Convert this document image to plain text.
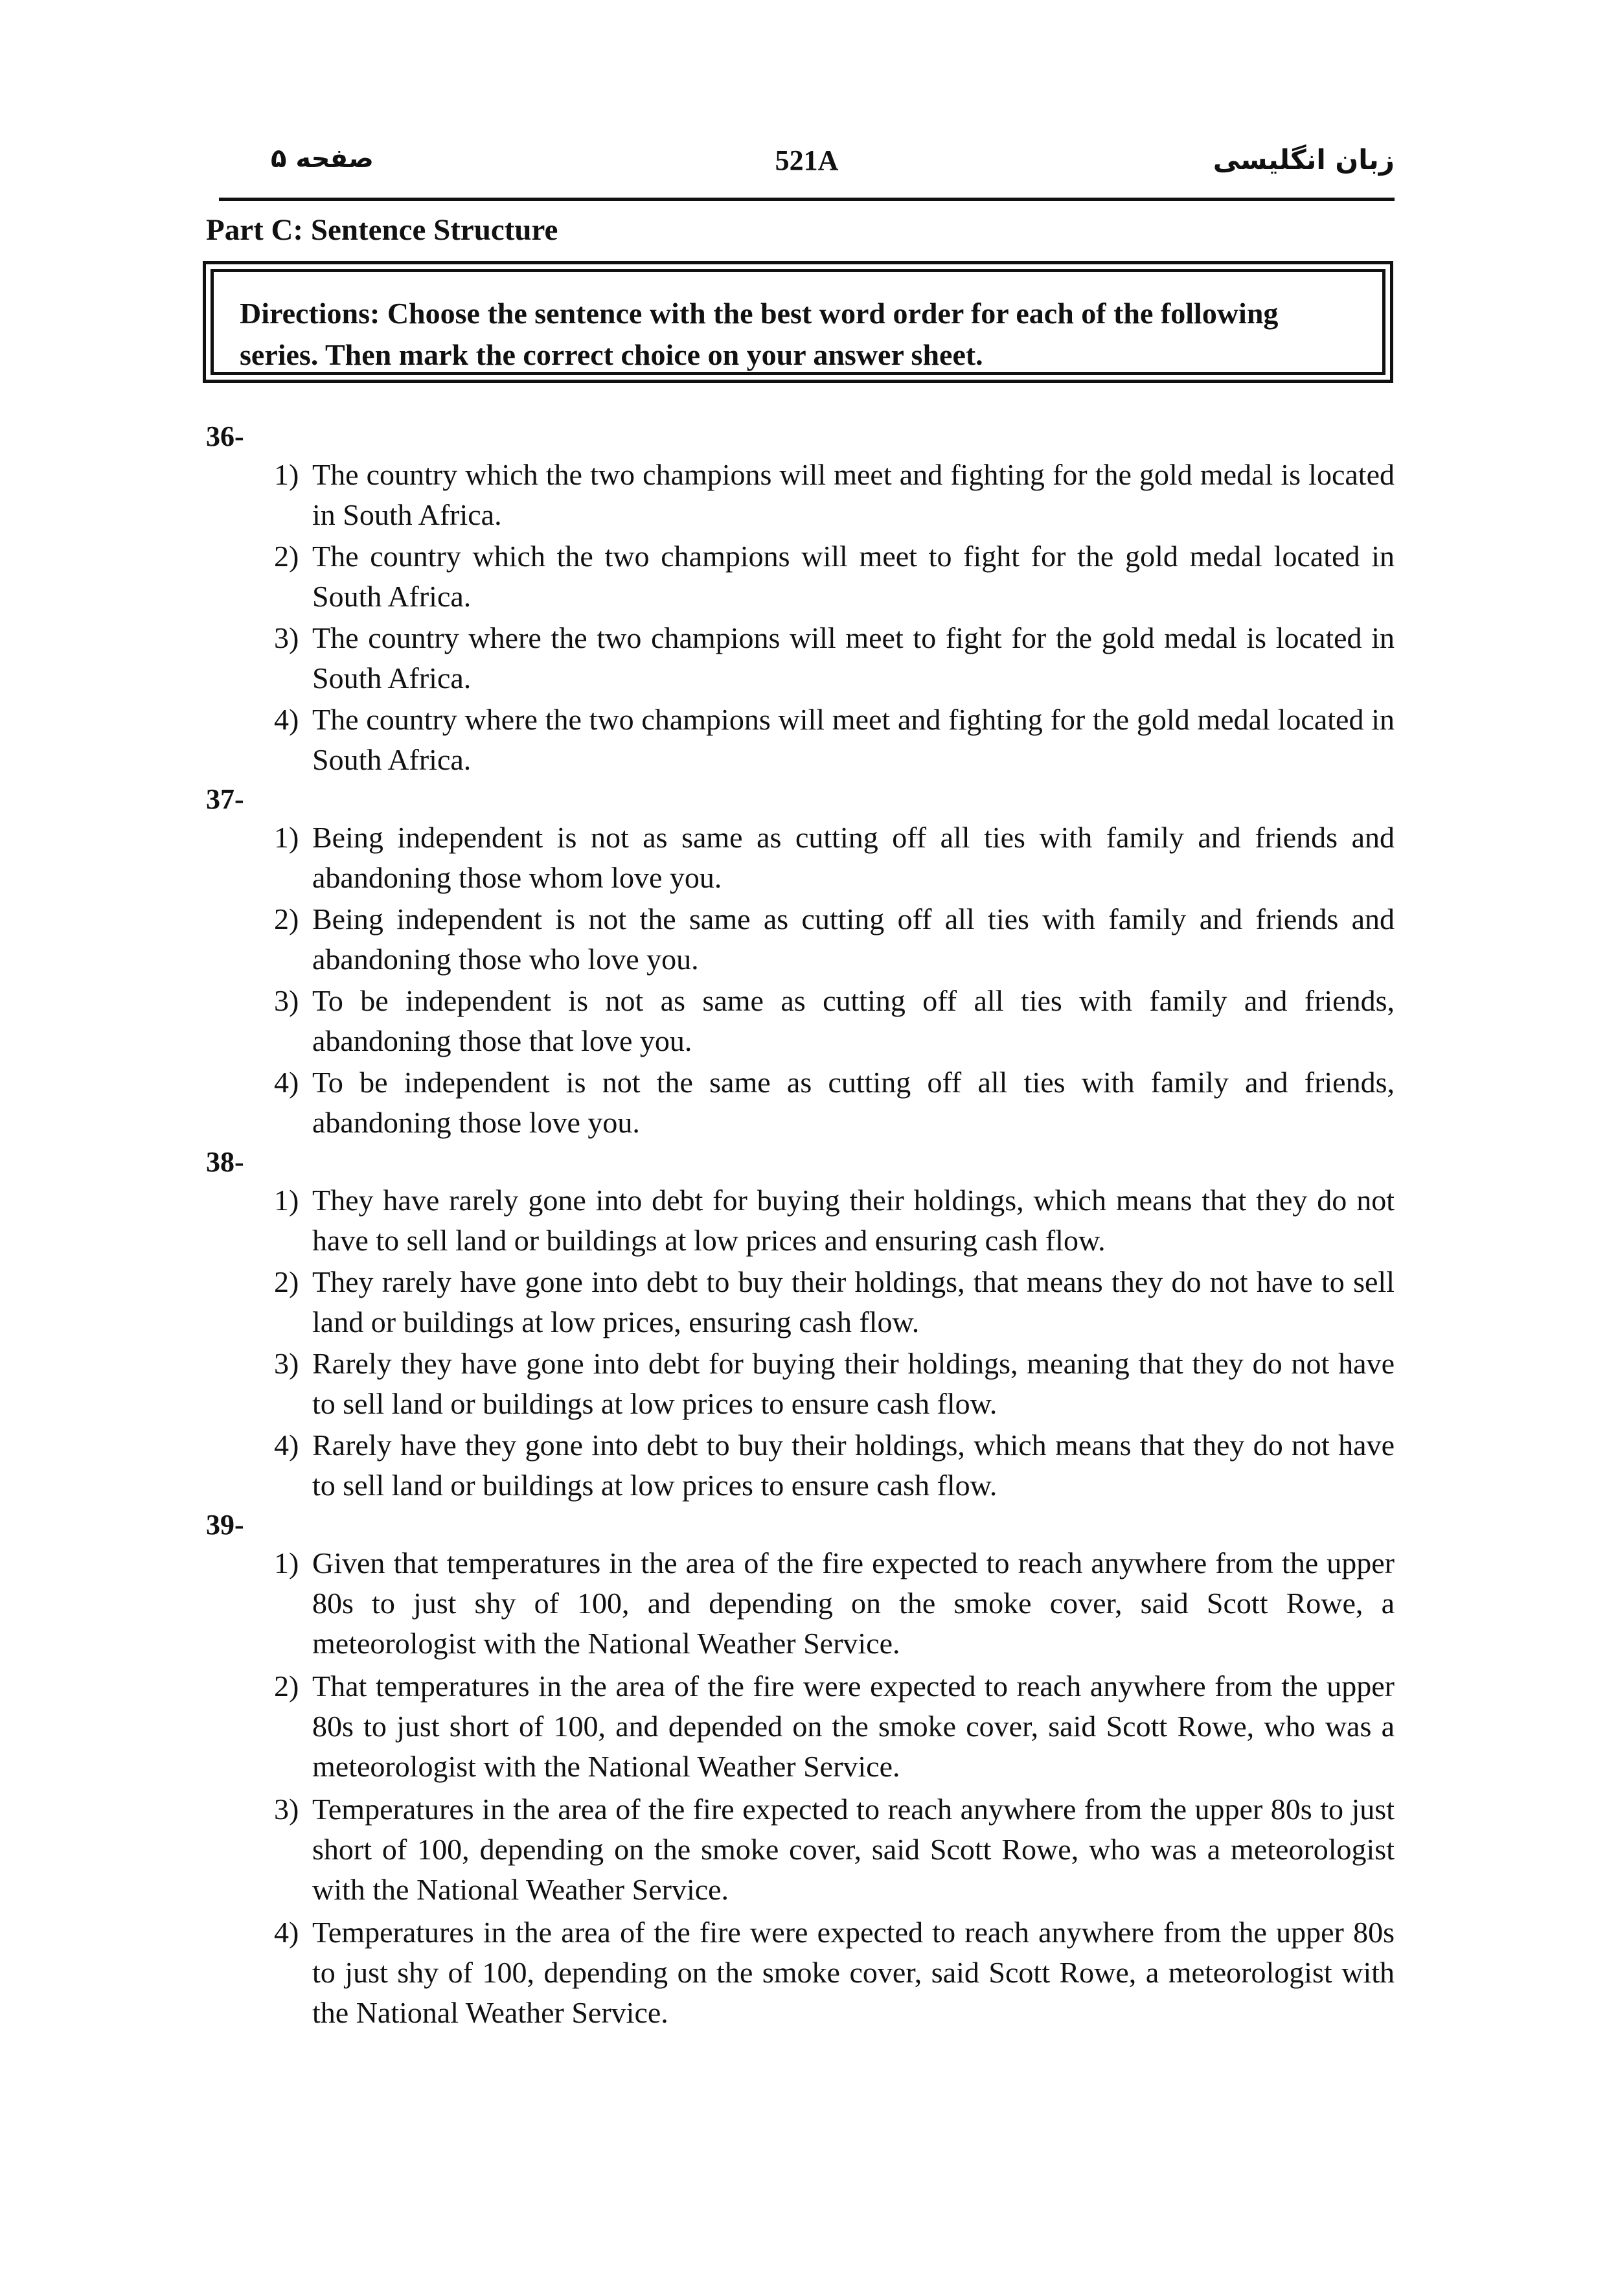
زبان انگلیسی
521A
صفحه ۵
Part C: Sentence Structure
Directions: Choose the sentence with the best word order for each of the following series. Then mark the correct choice on your answer sheet.
36-
1) The country which the two champions will meet and fighting for the gold medal is located in South Africa.
2) The country which the two champions will meet to fight for the gold medal located in South Africa.
3) The country where the two champions will meet to fight for the gold medal is located in South Africa.
4) The country where the two champions will meet and fighting for the gold medal located in South Africa.
37-
1) Being independent is not as same as cutting off all ties with family and friends and abandoning those whom love you.
2) Being independent is not the same as cutting off all ties with family and friends and abandoning those who love you.
3) To be independent is not as same as cutting off all ties with family and friends, abandoning those that love you.
4) To be independent is not the same as cutting off all ties with family and friends, abandoning those love you.
38-
1) They have rarely gone into debt for buying their holdings, which means that they do not have to sell land or buildings at low prices and ensuring cash flow.
2) They rarely have gone into debt to buy their holdings, that means they do not have to sell land or buildings at low prices, ensuring cash flow.
3) Rarely they have gone into debt for buying their holdings, meaning that they do not have to sell land or buildings at low prices to ensure cash flow.
4) Rarely have they gone into debt to buy their holdings, which means that they do not have to sell land or buildings at low prices to ensure cash flow.
39-
1) Given that temperatures in the area of the fire expected to reach anywhere from the upper 80s to just shy of 100, and depending on the smoke cover, said Scott Rowe, a meteorologist with the National Weather Service.
2) That temperatures in the area of the fire were expected to reach anywhere from the upper 80s to just short of 100, and depended on the smoke cover, said Scott Rowe, who was a meteorologist with the National Weather Service.
3) Temperatures in the area of the fire expected to reach anywhere from the upper 80s to just short of 100, depending on the smoke cover, said Scott Rowe, who was a meteorologist with the National Weather Service.
4) Temperatures in the area of the fire were expected to reach anywhere from the upper 80s to just shy of 100, depending on the smoke cover, said Scott Rowe, a meteorologist with the National Weather Service.
